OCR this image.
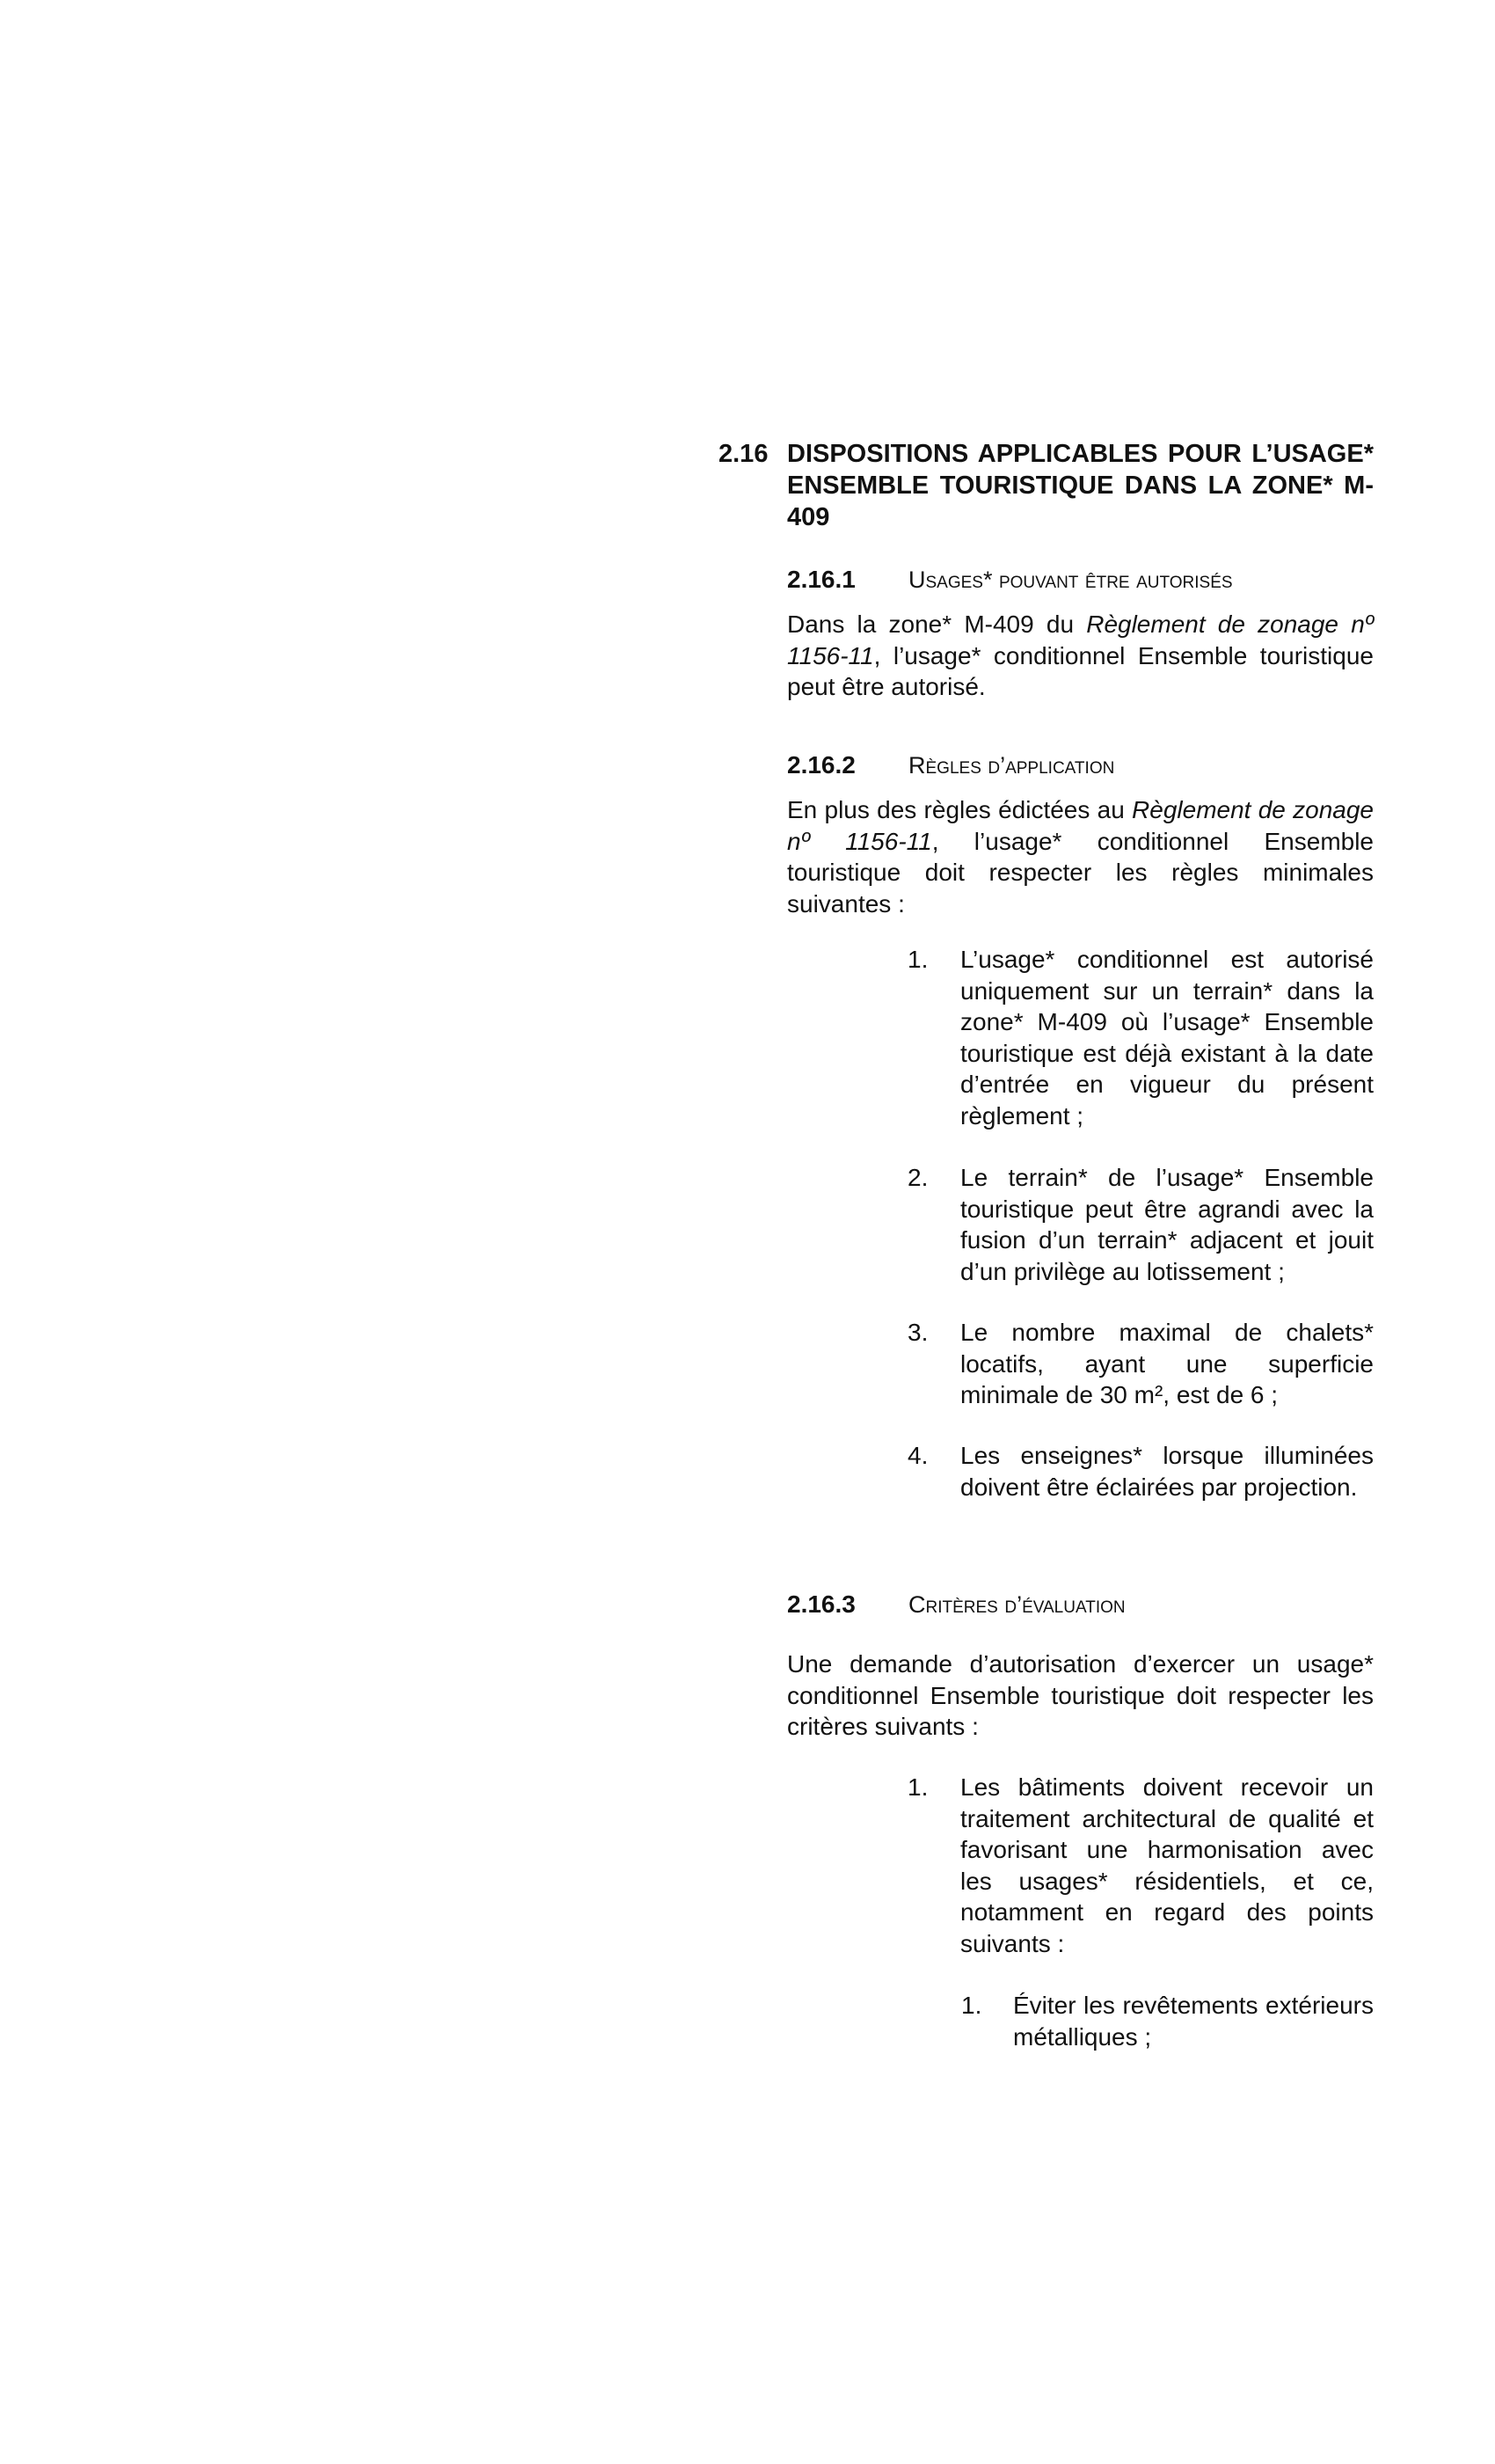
2.16 DISPOSITIONS APPLICABLES POUR L’USAGE* ENSEMBLE TOURISTIQUE DANS LA ZONE* M-409
2.16.1 Usages* pouvant être autorisés
Dans la zone* M-409 du Règlement de zonage nº 1156-11, l’usage* conditionnel Ensemble touristique peut être autorisé.
2.16.2 Règles d’application
En plus des règles édictées au Règlement de zonage nº 1156-11, l’usage* conditionnel Ensemble touristique doit respecter les règles minimales suivantes :
1. L’usage* conditionnel est autorisé uniquement sur un terrain* dans la zone* M-409 où l’usage* Ensemble touristique est déjà existant à la date d’entrée en vigueur du présent règlement ;
2. Le terrain* de l’usage* Ensemble touristique peut être agrandi avec la fusion d’un terrain* adjacent et jouit d’un privilège au lotissement ;
3. Le nombre maximal de chalets* locatifs, ayant une superficie minimale de 30 m², est de 6 ;
4. Les enseignes* lorsque illuminées doivent être éclairées par projection.
2.16.3 Critères d’évaluation
Une demande d’autorisation d’exercer un usage* conditionnel Ensemble touristique doit respecter les critères suivants :
1. Les bâtiments doivent recevoir un traitement architectural de qualité et favorisant une harmonisation avec les usages* résidentiels, et ce, notamment en regard des points suivants :
1. Éviter les revêtements extérieurs métalliques ;
